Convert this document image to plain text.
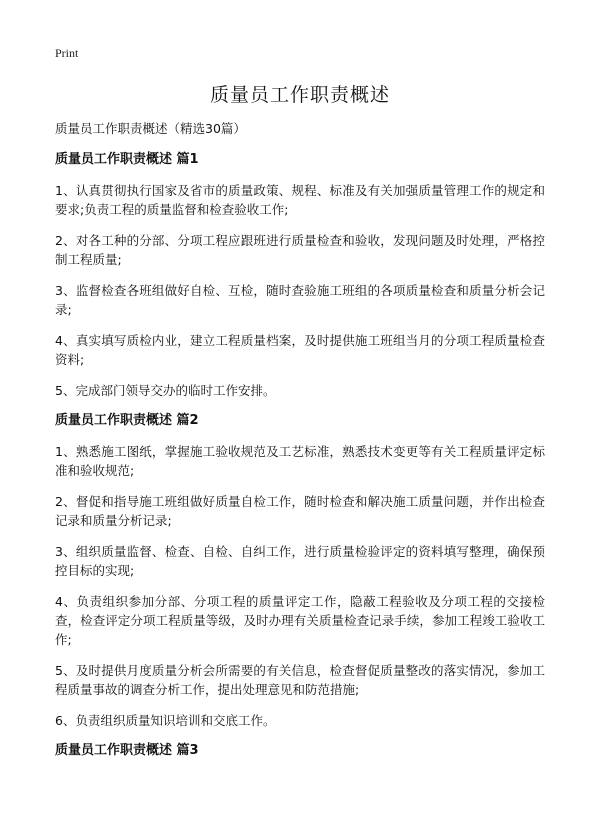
Print
质量员工作职责概述

质量员工作职责概述（精选30篇）

质量员工作职责概述 篇1

1、认真贯彻执行国家及省市的质量政策、规程、标准及有关加强质量管理工作的规定和要求;负责工程的质量监督和检查验收工作;

2、对各工种的分部、分项工程应跟班进行质量检查和验收，发现问题及时处理，严格控制工程质量;

3、监督检查各班组做好自检、互检，随时查验施工班组的各项质量检查和质量分析会记录;

4、真实填写质检内业，建立工程质量档案，及时提供施工班组当月的分项工程质量检查资料;

5、完成部门领导交办的临时工作安排。

质量员工作职责概述 篇2

1、熟悉施工图纸，掌握施工验收规范及工艺标准，熟悉技术变更等有关工程质量评定标准和验收规范;

2、督促和指导施工班组做好质量自检工作，随时检查和解决施工质量问题，并作出检查记录和质量分析记录;

3、组织质量监督、检查、自检、自纠工作，进行质量检验评定的资料填写整理，确保预控目标的实现;

4、负责组织参加分部、分项工程的质量评定工作，隐蔽工程验收及分项工程的交接检查，检查评定分项工程质量等级，及时办理有关质量检查记录手续，参加工程竣工验收工作;

5、及时提供月度质量分析会所需要的有关信息，检查督促质量整改的落实情况，参加工程质量事故的调查分析工作，提出处理意见和防范措施;

6、负责组织质量知识培训和交底工作。

质量员工作职责概述 篇3
